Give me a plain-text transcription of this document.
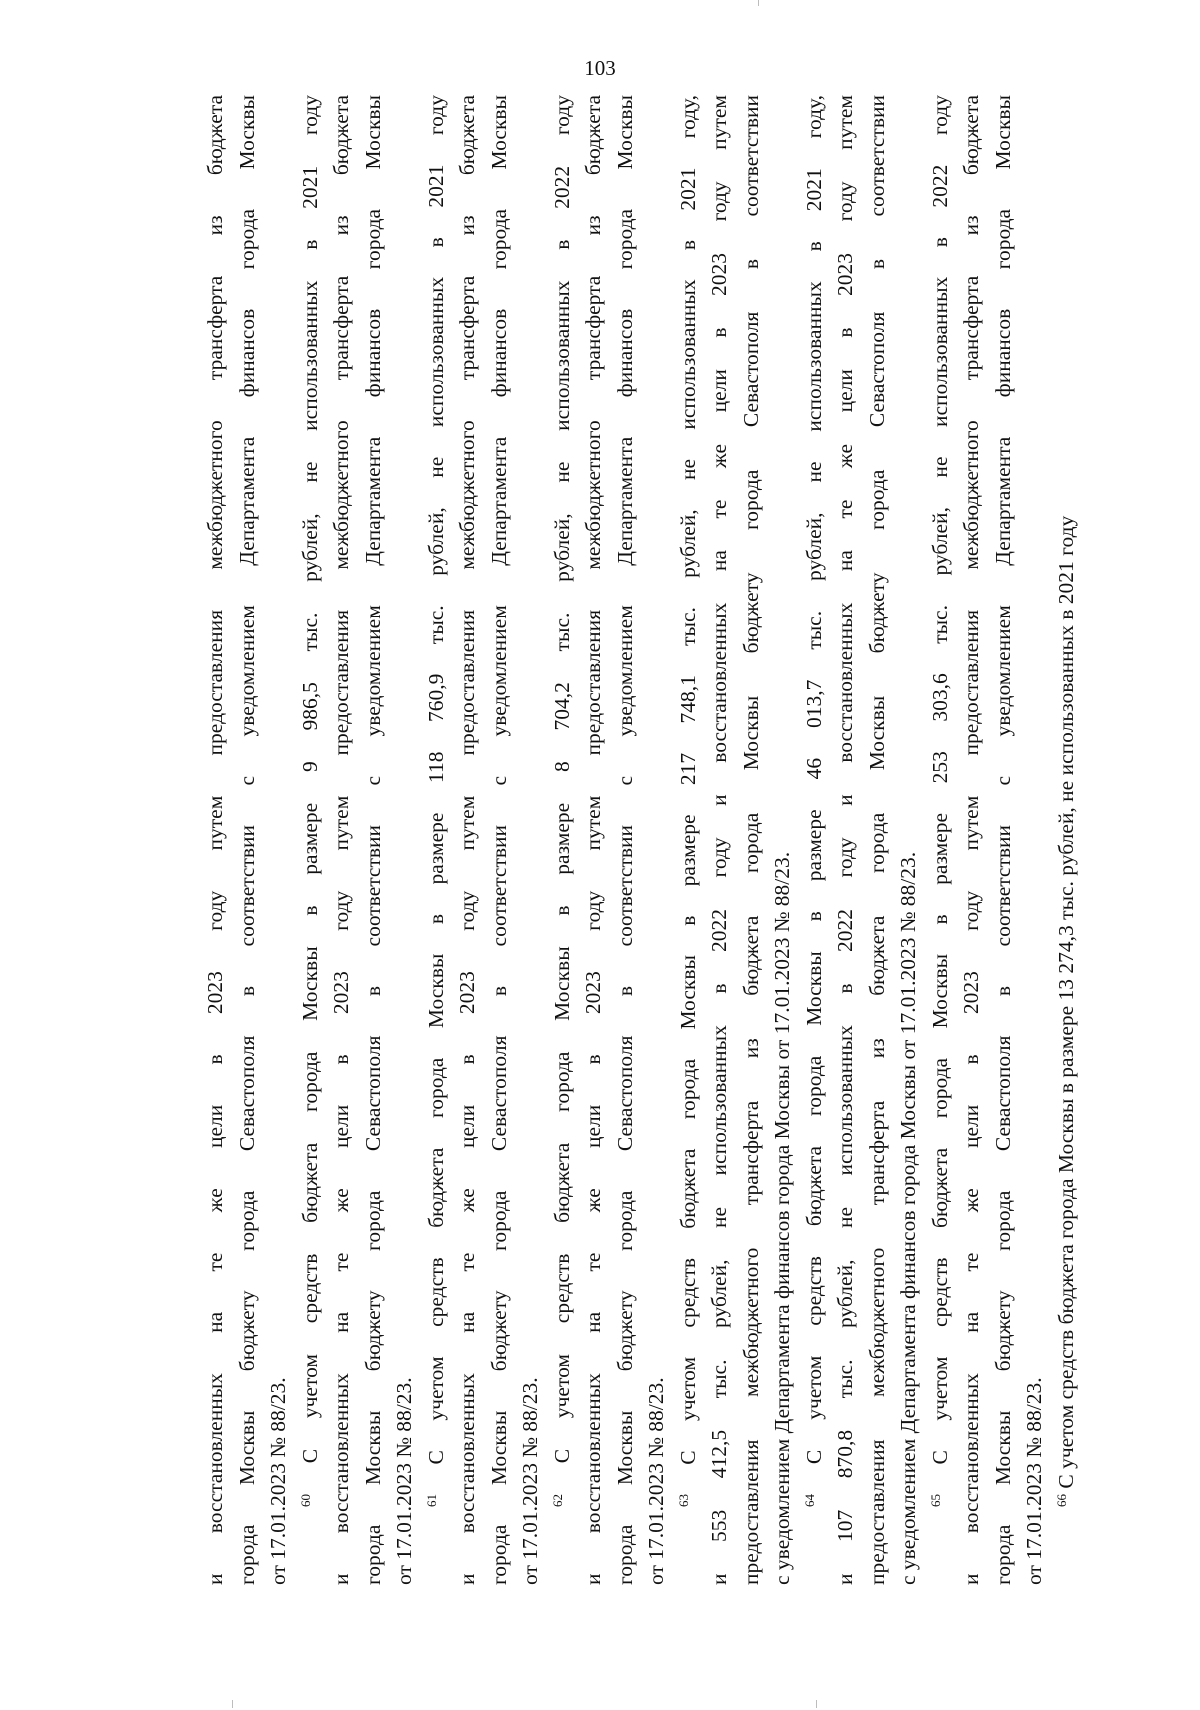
103
и восстановленных на те же цели в 2023 году путем предоставления межбюджетного трансферта из бюджета города Москвы бюджету города Севастополя в соответствии с уведомлением Департамента финансов города Москвы от 17.01.2023 № 88/23. $^{60}$ С учетом средств бюджета города Москвы в размере 9 986,5 тыс. рублей, не использованных в 2021 году и восстановленных на те же цели в 2023 году путем предоставления межбюджетного трансферта из бюджета города Москвы бюджету города Севастополя в соответствии с уведомлением Департамента финансов города Москвы от 17.01.2023 № 88/23. $^{61}$ С учетом средств бюджета города Москвы в размере 118 760,9 тыс. рублей, не использованных в 2021 году и восстановленных на те же цели в 2023 году путем предоставления межбюджетного трансферта из бюджета города Москвы бюджету города Севастополя в соответствии с уведомлением Департамента финансов города Москвы от 17.01.2023 № 88/23. $^{62}$ С учетом средств бюджета города Москвы в размере 8 704,2 тыс. рублей, не использованных в 2022 году и восстановленных на те же цели в 2023 году путем предоставления межбюджетного трансферта из бюджета города Москвы бюджету города Севастополя в соответствии с уведомлением Департамента финансов города Москвы от 17.01.2023 № 88/23. $^{63}$ С учетом средств бюджета города Москвы в размере 217 748,1 тыс. рублей, не использованных в 2021 году, и 553 412,5 тыс. рублей, не использованных в 2022 году и восстановленных на те же цели в 2023 году путем предоставления межбюджетного трансферта из бюджета города Москвы бюджету города Севастополя в соответствии с уведомлением Департамента финансов города Москвы от 17.01.2023 № 88/23. $^{64}$ С учетом средств бюджета города Москвы в размере 46 013,7 тыс. рублей, не использованных в 2021 году, и 107 870,8 тыс. рублей, не использованных в 2022 году и восстановленных на те же цели в 2023 году путем предоставления межбюджетного трансферта из бюджета города Москвы бюджету города Севастополя в соответствии с уведомлением Департамента финансов города Москвы от 17.01.2023 № 88/23. $^{65}$ С учетом средств бюджета города Москвы в размере 253 303,6 тыс. рублей, не использованных в 2022 году и восстановленных на те же цели в 2023 году путем предоставления межбюджетного трансферта из бюджета города Москвы бюджету города Севастополя в соответствии с уведомлением Департамента финансов города Москвы от 17.01.2023 № 88/23. $^{66}$ С учетом средств бюджета города Москвы в размере 13 274,3 тыс. рублей, не использованных в 2021 году
